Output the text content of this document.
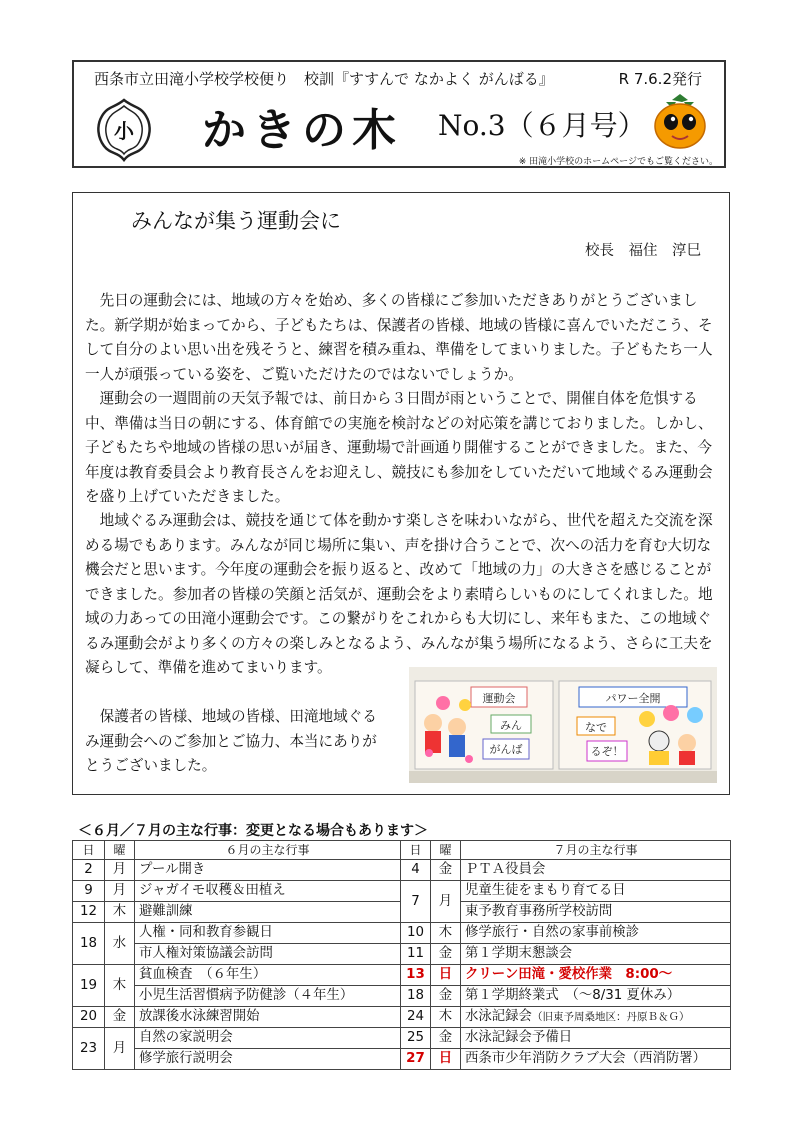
西条市立田滝小学校学校便り　校訓『すすんで なかよく がんばる』	R 7.6.2発行
小 かきの木 No.3（６月号）
※ 田滝小学校のホームページでもご覧ください。
みんなが集う運動会に
校長　福住　淳巳

先日の運動会には、地域の方々を始め、多くの皆様にご参加いただきありがとうございました。新学期が始まってから、子どもたちは、保護者の皆様、地域の皆様に喜んでいただこう、そして自分のよい思い出を残そうと、練習を積み重ね、準備をしてまいりました。子どもたち一人一人が頑張っている姿を、ご覧いただけたのではないでしょうか。

運動会の一週間前の天気予報では、前日から３日間が雨ということで、開催自体を危惧する中、準備は当日の朝にする、体育館での実施を検討などの対応策を講じておりました。しかし、子どもたちや地域の皆様の思いが届き、運動場で計画通り開催することができました。また、今年度は教育委員会より教育長さんをお迎えし、競技にも参加をしていただいて地域ぐるみ運動会を盛り上げていただきました。

地域ぐるみ運動会は、競技を通じて体を動かす楽しさを味わいながら、世代を超えた交流を深める場でもあります。みんなが同じ場所に集い、声を掛け合うことで、次への活力を育む大切な機会だと思います。今年度の運動会を振り返ると、改めて「地域の力」の大きさを感じることができました。参加者の皆様の笑顔と活気が、運動会をより素晴らしいものにしてくれました。地域の力あっての田滝小運動会です。この繋がりをこれからも大切にし、来年もまた、この地域ぐるみ運動会がより多くの方々の楽しみとなるよう、みんなが集う場所になるよう、さらに工夫を凝らして、準備を進めてまいります。

保護者の皆様、地域の皆様、田滝地域ぐるみ運動会へのご参加とご協力、本当にありがとうございました。

運動会
みん
がんば
パワー全開
なで
るぞ！
＜６月／７月の主な行事：変更となる場合もあります＞
日	曜	６月の主な行事	日	曜	７月の主な行事
2	月	プール開き	4	金	ＰＴＡ役員会
9	月	ジャガイモ収穫＆田植え	7	月	児童生徒をまもり育てる日
12	木	避難訓練			東予教育事務所学校訪問
18	水	人権・同和教育参観日	10	木	修学旅行・自然の家事前検診
		市人権対策協議会訪問	11	金	第１学期末懇談会
19	木	貧血検査　（６年生）	13	日	クリーン田滝・愛校作業　8:00～
		小児生活習慣病予防健診（４年生）	18	金	第１学期終業式　（～8/31 夏休み）
20	金	放課後水泳練習開始	24	木	水泳記録会（旧東予周桑地区：丹原Ｂ＆Ｇ）
23	月	自然の家説明会	25	金	水泳記録会予備日
		修学旅行説明会	27	日	西条市少年消防クラブ大会（西消防署）
